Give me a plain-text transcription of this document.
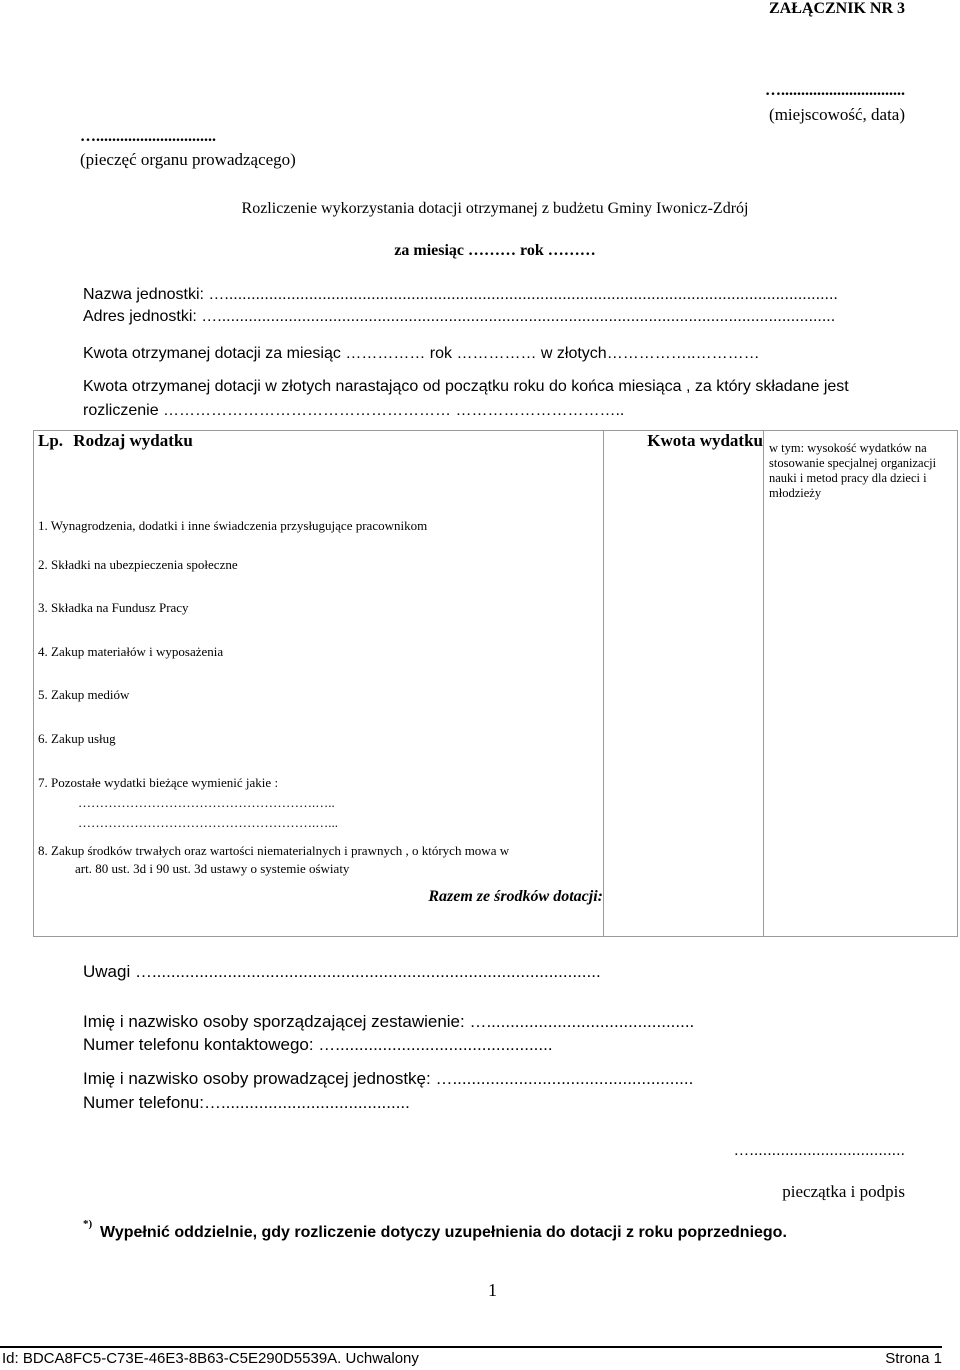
ZAŁĄCZNIK NR 3
…...............................
(miejscowość, data)
…..............................
(pieczęć organu prowadzącego)
Rozliczenie wykorzystania dotacji otrzymanej z budżetu Gminy Iwonicz-Zdrój
za miesiąc ……… rok ………
Nazwa jednostki: …..........................................................................................................................................
Adres jednostki: …...........................................................................................................................................
Kwota otrzymanej dotacji za miesiąc …………… rok …………… w złotych……………..…………
Kwota otrzymanej dotacji w złotych narastająco od początku roku do końca miesiąca , za który składane jest
rozliczenie ……………………………………………… …………………………..
Lp. Rodzaj wydatku	Kwota wydatku	w tym: wysokość wydatków na stosowanie specjalnej organizacji nauki i metod pracy dla dzieci i młodzieży

1. Wynagrodzenia, dodatki i inne świadczenia przysługujące pracownikom		
2. Składki na ubezpieczenia społeczne		
3. Składka na Fundusz Pracy		
4. Zakup materiałów i wyposażenia		
5. Zakup mediów		
6. Zakup usług		

7. Pozostałe wydatki bieżące wymienić jakie :
……………………………………………….…..
……………………………………………….…...		

8. Zakup środków trwałych oraz wartości niematerialnych i prawnych , o których mowa w
art. 80 ust. 3d i 90 ust. 3d ustawy o systemie oświaty		

Razem ze środków dotacji:		
Uwagi …...............................................................................................
Imię i nazwisko osoby sporządzającej zestawienie: …............................................
Numer telefonu kontaktowego: …..............................................
Imię i nazwisko osoby prowadzącej jednostkę: …...................................................
Numer telefonu:…........................................
…...................................
pieczątka i podpis
*) Wypełnić oddzielnie, gdy rozliczenie dotyczy uzupełnienia do dotacji z roku poprzedniego.
1
Id: BDCA8FC5-C73E-46E3-8B63-C5E290D5539A. Uchwalony	Strona 1
